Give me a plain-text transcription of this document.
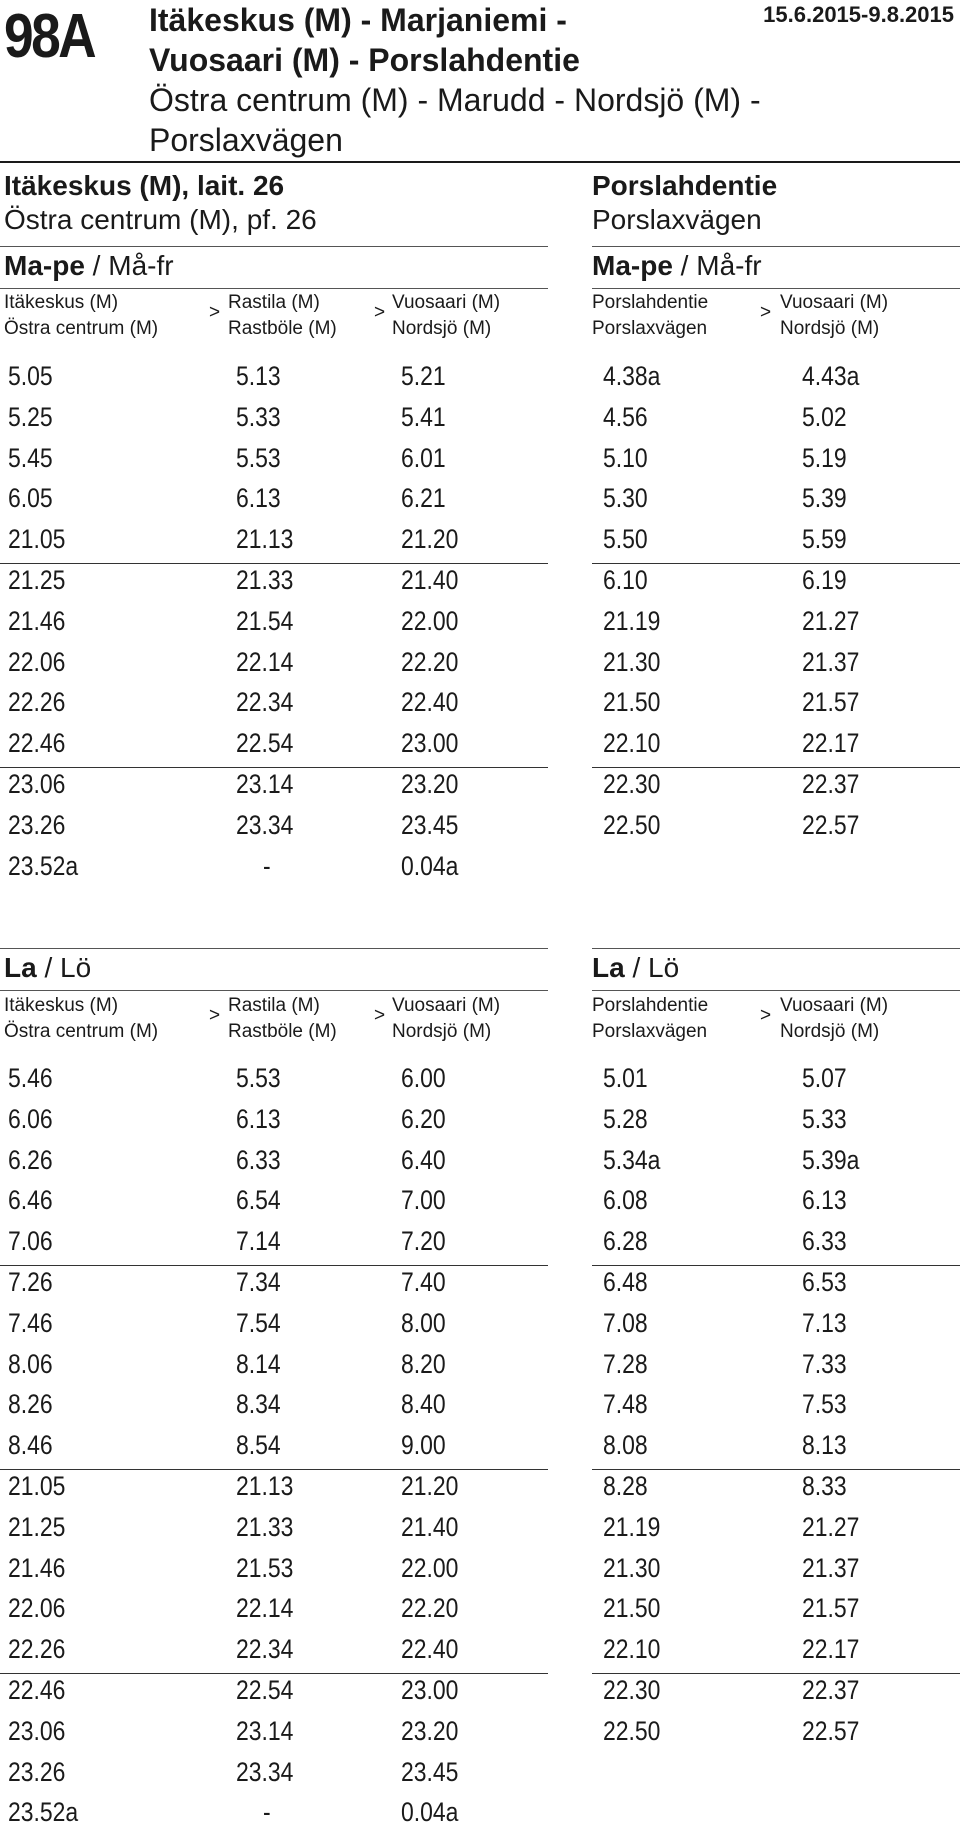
98A Itäkeskus (M) - Marjaniemi -
Vuosaari (M) - Porslahdentie
Östra centrum (M) - Marudd - Nordsjö (M) -
Porslaxvägen
15.6.2015-9.8.2015
Itäkeskus (M), lait. 26
Östra centrum (M), pf. 26
Porslahdentie
Porslaxvägen
Ma-pe / Må-fr	Ma-pe / Må-fr
Itäkeskus (M)
Östra centrum (M)
> Rastila (M)
Rastböle (M)
> Vuosaari (M)
Nordsjö (M)
Porslahdentie
Porslaxvägen
> Vuosaari (M)
Nordsjö (M)
5.05	5.13	5.21
5.25	5.33	5.41
5.45	5.53	6.01
6.05	6.13	6.21
21.05	21.13	21.20
21.25	21.33	21.40
21.46	21.54	22.00
22.06	22.14	22.20
22.26	22.34	22.40
22.46	22.54	23.00
23.06	23.14	23.20
23.26	23.34	23.45
23.52a	-	0.04a
4.38a	4.43a
4.56	5.02
5.10	5.19
5.30	5.39
5.50	5.59
6.10	6.19
21.19	21.27
21.30	21.37
21.50	21.57
22.10	22.17
22.30	22.37
22.50	22.57
La / Lö	La / Lö
Itäkeskus (M)
Östra centrum (M)
> Rastila (M)
Rastböle (M)
> Vuosaari (M)
Nordsjö (M)
Porslahdentie
Porslaxvägen
> Vuosaari (M)
Nordsjö (M)
5.46	5.53	6.00
6.06	6.13	6.20
6.26	6.33	6.40
6.46	6.54	7.00
7.06	7.14	7.20
7.26	7.34	7.40
7.46	7.54	8.00
8.06	8.14	8.20
8.26	8.34	8.40
8.46	8.54	9.00
21.05	21.13	21.20
21.25	21.33	21.40
21.46	21.53	22.00
22.06	22.14	22.20
22.26	22.34	22.40
22.46	22.54	23.00
23.06	23.14	23.20
23.26	23.34	23.45
23.52a	-	0.04a
5.01	5.07
5.28	5.33
5.34a	5.39a
6.08	6.13
6.28	6.33
6.48	6.53
7.08	7.13
7.28	7.33
7.48	7.53
8.08	8.13
8.28	8.33
21.19	21.27
21.30	21.37
21.50	21.57
22.10	22.17
22.30	22.37
22.50	22.57
